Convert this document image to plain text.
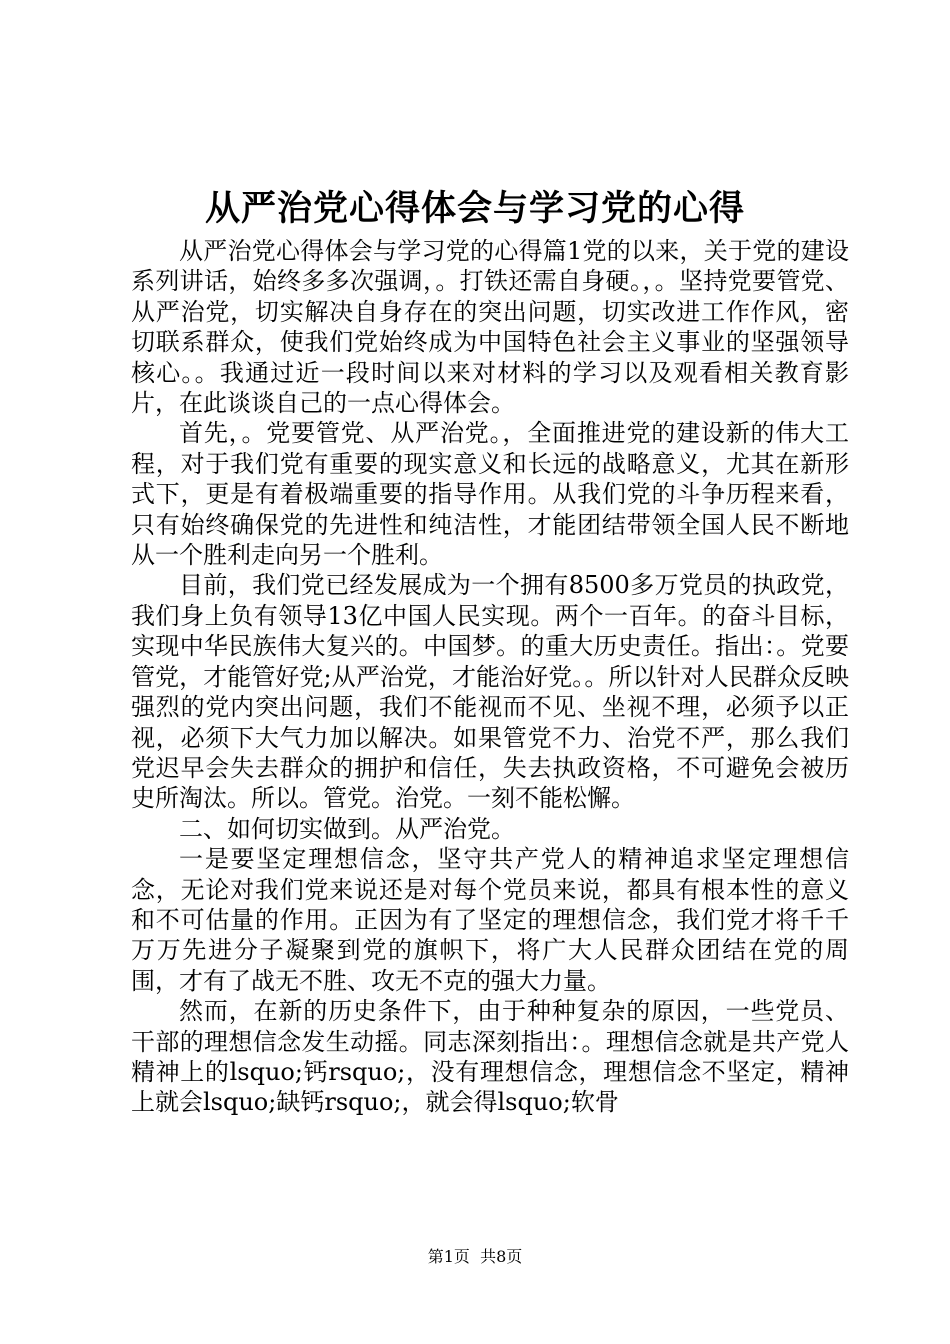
从严治党心得体会与学习党的心得

从严治党心得体会与学习党的心得篇1党的以来，关于党的建设系列讲话，始终多多次强调，。打铁还需自身硬。，。坚持党要管党、从严治党，切实解决自身存在的突出问题，切实改进工作作风，密切联系群众，使我们党始终成为中国特色社会主义事业的坚强领导核心。。我通过近一段时间以来对材料的学习以及观看相关教育影片，在此谈谈自己的一点心得体会。

首先，。党要管党、从严治党。，全面推进党的建设新的伟大工程，对于我们党有重要的现实意义和长远的战略意义，尤其在新形式下，更是有着极端重要的指导作用。从我们党的斗争历程来看，只有始终确保党的先进性和纯洁性，才能团结带领全国人民不断地从一个胜利走向另一个胜利。

目前，我们党已经发展成为一个拥有8500多万党员的执政党，我们身上负有领导13亿中国人民实现。两个一百年。的奋斗目标，实现中华民族伟大复兴的。中国梦。的重大历史责任。指出：。党要管党，才能管好党;从严治党，才能治好党。。所以针对人民群众反映强烈的党内突出问题，我们不能视而不见、坐视不理，必须予以正视，必须下大气力加以解决。如果管党不力、治党不严，那么我们党迟早会失去群众的拥护和信任，失去执政资格，不可避免会被历史所淘汰。所以。管党。治党。一刻不能松懈。

二、如何切实做到。从严治党。

一是要坚定理想信念，坚守共产党人的精神追求坚定理想信念，无论对我们党来说还是对每个党员来说，都具有根本性的意义和不可估量的作用。正因为有了坚定的理想信念，我们党才将千千万万先进分子凝聚到党的旗帜下，将广大人民群众团结在党的周围，才有了战无不胜、攻无不克的强大力量。

然而，在新的历史条件下，由于种种复杂的原因，一些党员、干部的理想信念发生动摇。同志深刻指出：。理想信念就是共产党人精神上的lsquo;钙rsquo;，没有理想信念，理想信念不坚定，精神上就会lsquo;缺钙rsquo;，就会得lsquo;软骨

第1页  共8页
